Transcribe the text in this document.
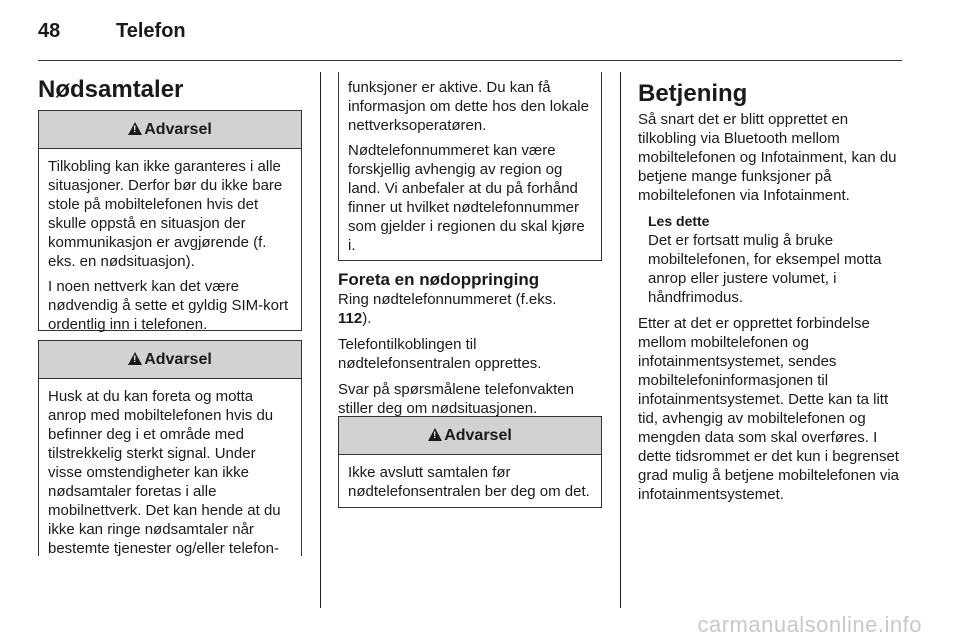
48	Telefon
Nødsamtaler
!Advarsel

Tilkobling kan ikke garanteres i alle situasjoner. Derfor bør du ikke bare stole på mobiltelefonen hvis det skulle oppstå en situasjon der kommunikasjon er avgjørende (f. eks. en nødsituasjon).

I noen nettverk kan det være nødvendig å sette et gyldig SIM-kort ordentlig inn i telefonen.

!Advarsel

Husk at du kan foreta og motta anrop med mobiltelefonen hvis du befinner deg i et område med tilstrekkelig sterkt signal. Under visse omstendigheter kan ikke nødsamtaler foretas i alle mobilnettverk. Det kan hende at du ikke kan ringe nødsamtaler når bestemte tjenester og/eller telefon-

funksjoner er aktive. Du kan få informasjon om dette hos den lokale nettverksoperatøren.

Nødtelefonnummeret kan være forskjellig avhengig av region og land. Vi anbefaler at du på forhånd finner ut hvilket nødtelefonnummer som gjelder i regionen du skal kjøre i.

Foreta en nødoppringing

Ring nødtelefonnummeret (f.eks.
112).

Telefontilkoblingen til nødtelefonsentralen opprettes.

Svar på spørsmålene telefonvakten stiller deg om nødsituasjonen.

!Advarsel

Ikke avslutt samtalen før nødtelefonsentralen ber deg om det.

Betjening

Så snart det er blitt opprettet en tilkobling via Bluetooth mellom mobiltelefonen og Infotainment, kan du betjene mange funksjoner på mobiltelefonen via Infotainment.

Les dette
Det er fortsatt mulig å bruke mobiltelefonen, for eksempel motta anrop eller justere volumet, i håndfrimodus.

Etter at det er opprettet forbindelse mellom mobiltelefonen og infotainmentsystemet, sendes mobiltelefoninformasjonen til infotainmentsystemet. Dette kan ta litt tid, avhengig av mobiltelefonen og mengden data som skal overføres. I dette tidsrommet er det kun i begrenset grad mulig å betjene mobiltelefonen via infotainmentsystemet.

carmanualsonline.info
